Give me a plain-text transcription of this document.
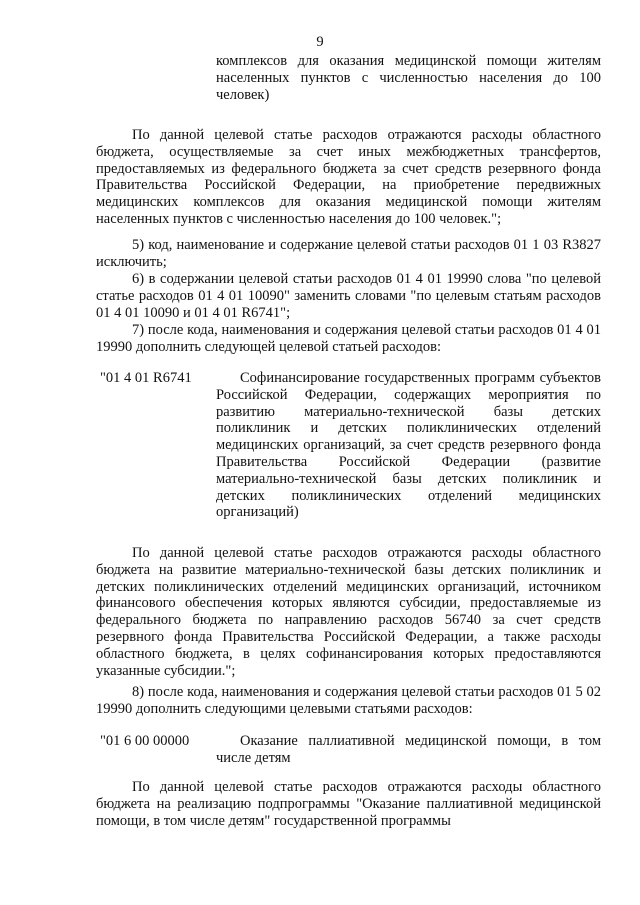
9

комплексов для оказания медицинской помощи жителям населенных пунктов с численностью населения до 100 человек)

По данной целевой статье расходов отражаются расходы областного бюджета, осуществляемые за счет иных межбюджетных трансфертов, предоставляемых из федерального бюджета за счет средств резервного фонда Правительства Российской Федерации, на приобретение передвижных медицинских комплексов для оказания медицинской помощи жителям населенных пунктов с численностью населения до 100 человек.";

5) код, наименование и содержание целевой статьи расходов 01 1 03 R3827 исключить;

6) в содержании целевой статьи расходов 01 4 01 19990 слова "по целевой статье расходов 01 4 01 10090" заменить словами "по целевым статьям расходов 01 4 01 10090 и 01 4 01 R6741";

7) после кода, наименования и содержания целевой статьи расходов 01 4 01 19990 дополнить следующей целевой статьей расходов:

"01 4 01 R6741	Софинансирование государственных программ субъектов Российской Федерации, содержащих мероприятия по развитию материально-технической базы детских поликлиник и детских поликлинических отделений медицинских организаций, за счет средств резервного фонда Правительства Российской Федерации (развитие материально-технической базы детских поликлиник и детских поликлинических отделений медицинских организаций)

По данной целевой статье расходов отражаются расходы областного бюджета на развитие материально-технической базы детских поликлиник и детских поликлинических отделений медицинских организаций, источником финансового обеспечения которых являются субсидии, предоставляемые из федерального бюджета по направлению расходов 56740 за счет средств резервного фонда Правительства Российской Федерации, а также расходы областного бюджета, в целях софинансирования которых предоставляются указанные субсидии.";

8) после кода, наименования и содержания целевой статьи расходов 01 5 02 19990 дополнить следующими целевыми статьями расходов:

"01 6 00 00000	Оказание паллиативной медицинской помощи, в том числе детям

По данной целевой статье расходов отражаются расходы областного бюджета на реализацию подпрограммы "Оказание паллиативной медицинской помощи, в том числе детям" государственной программы
